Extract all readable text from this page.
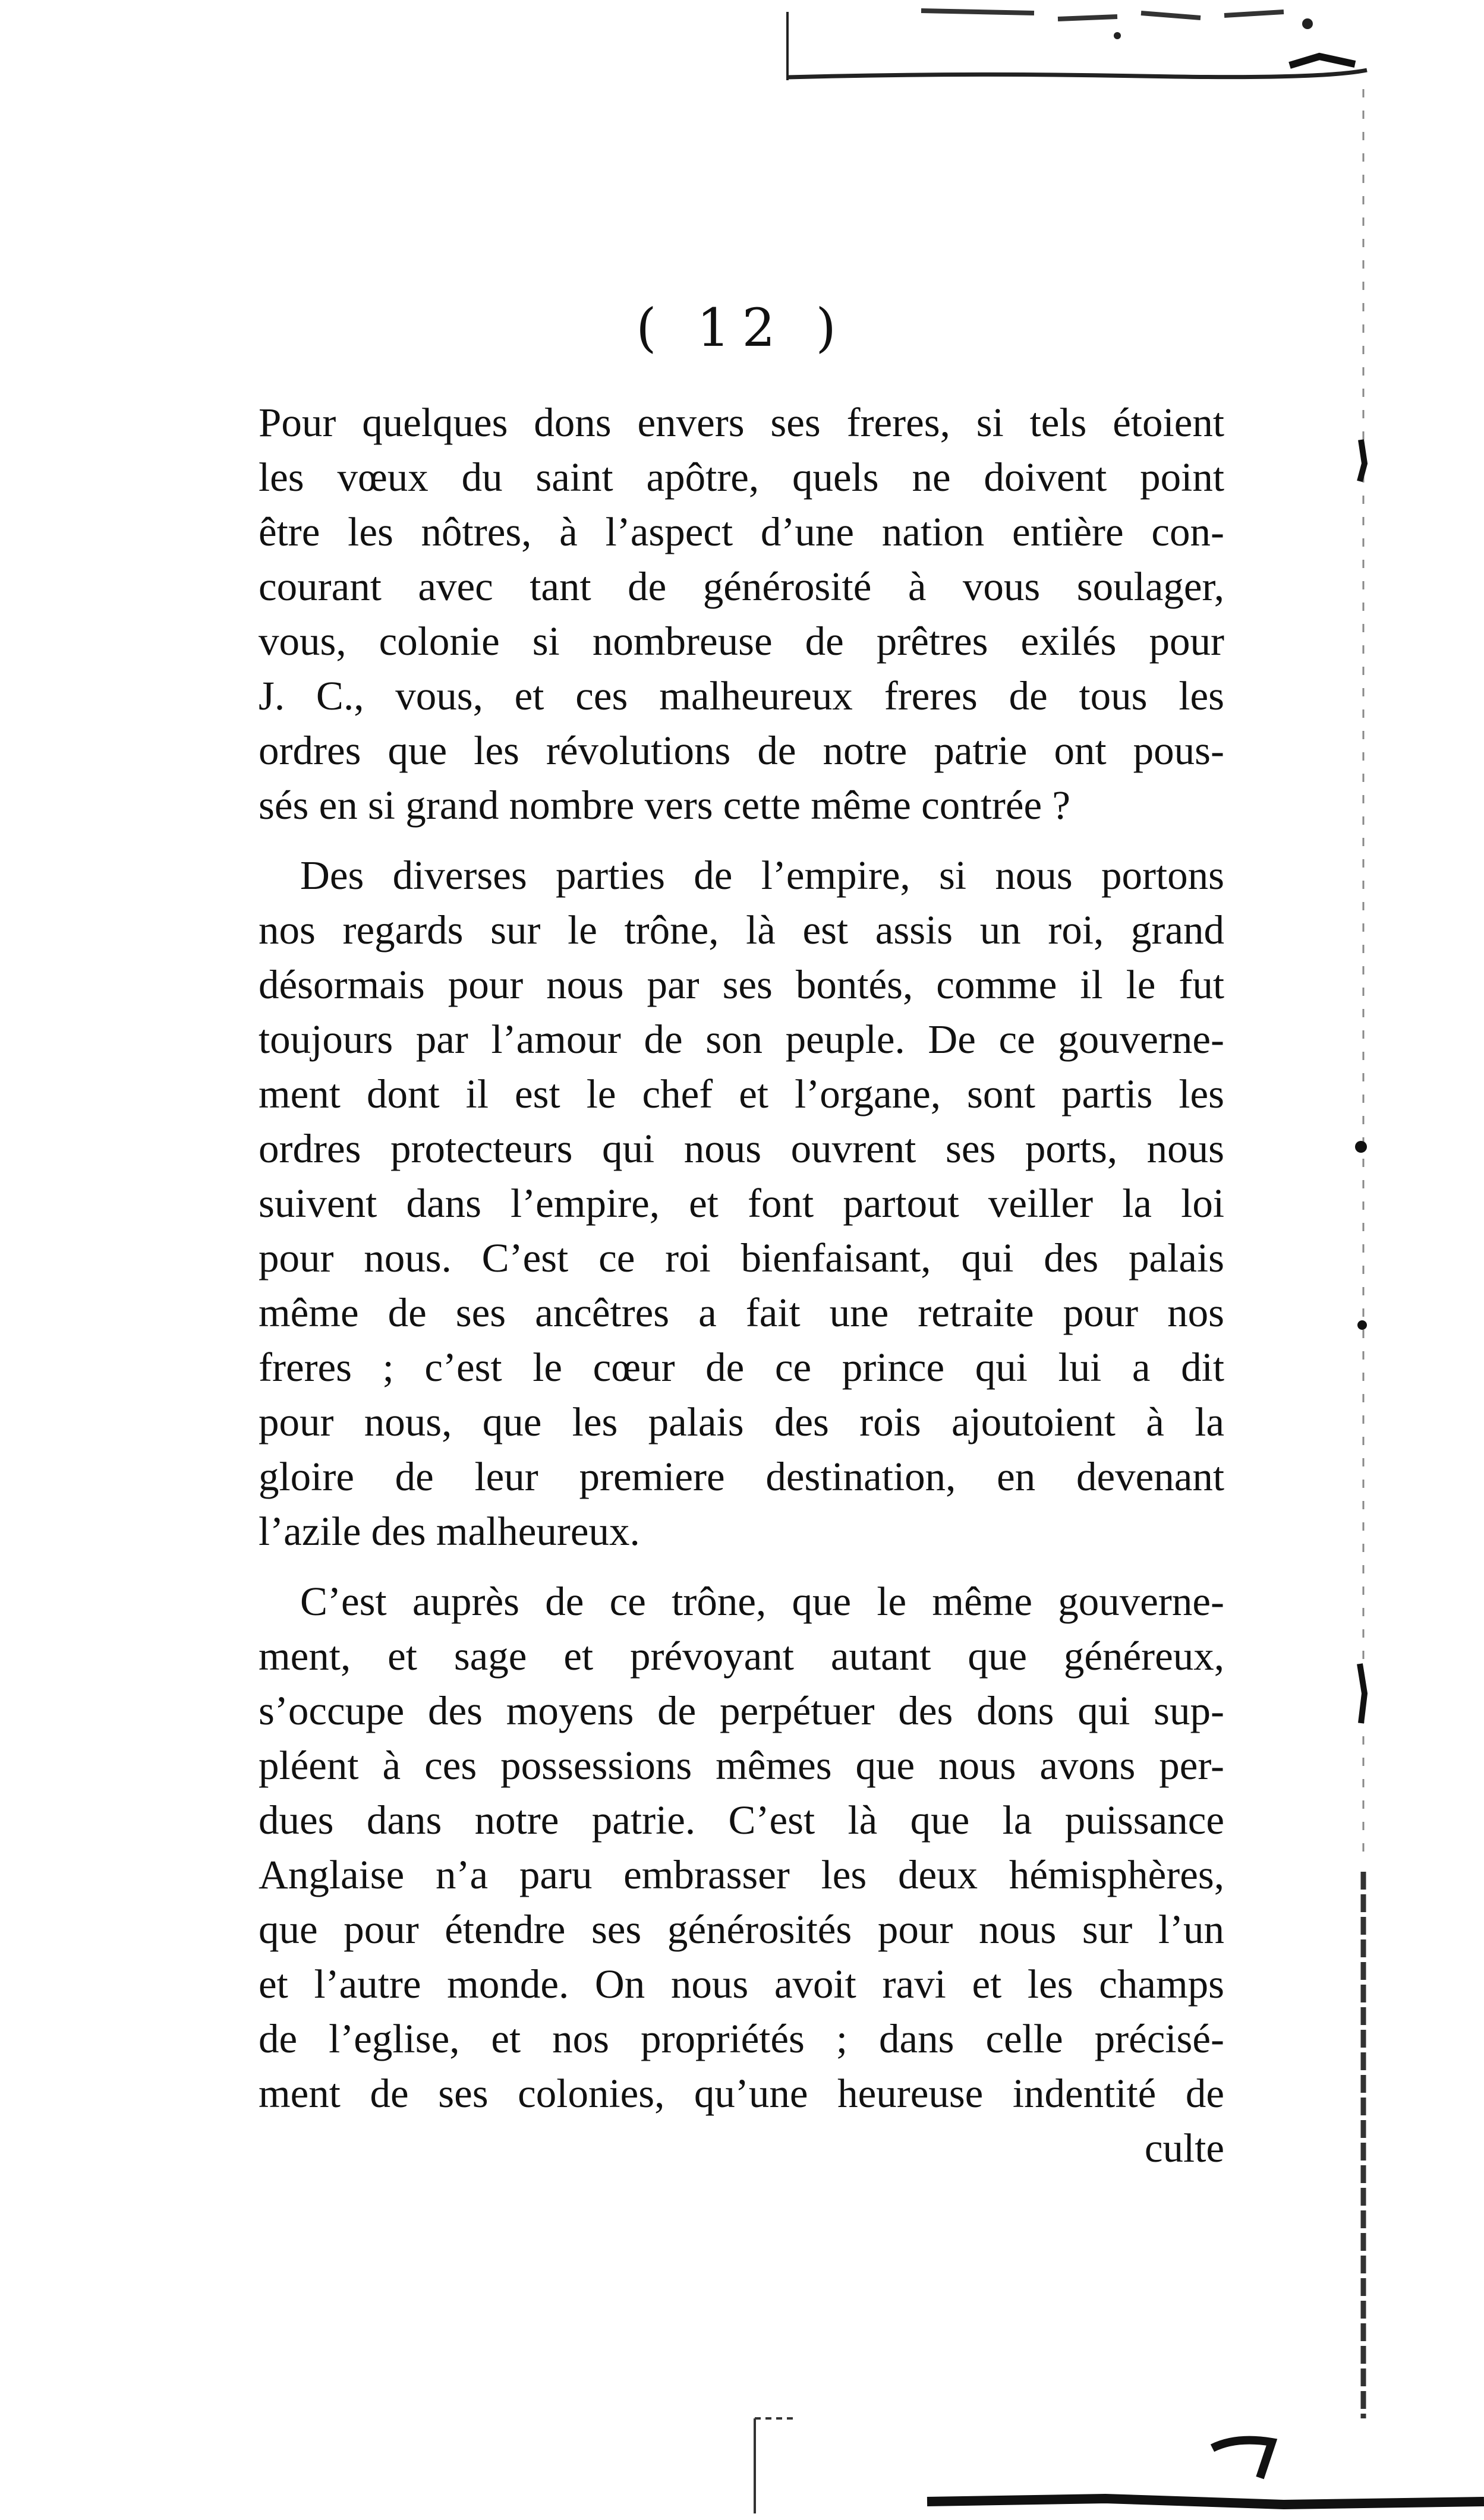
( 12 )
Pour quelques dons envers ses freres, si tels étoient
les vœux du saint apôtre, quels ne doivent point
être les nôtres, à l’aspect d’une nation entière con-
courant avec tant de générosité à vous soulager,
vous, colonie si nombreuse de prêtres exilés pour
J. C., vous, et ces malheureux freres de tous les
ordres que les révolutions de notre patrie ont pous-
sés en si grand nombre vers cette même contrée ?
Des diverses parties de l’empire, si nous portons
nos regards sur le trône, là est assis un roi, grand
désormais pour nous par ses bontés, comme il le fut
toujours par l’amour de son peuple. De ce gouverne-
ment dont il est le chef et l’organe, sont partis les
ordres protecteurs qui nous ouvrent ses ports, nous
suivent dans l’empire, et font partout veiller la loi
pour nous. C’est ce roi bienfaisant, qui des palais
même de ses ancêtres a fait une retraite pour nos
freres ; c’est le cœur de ce prince qui lui a dit
pour nous, que les palais des rois ajoutoient à la
gloire de leur premiere destination, en devenant
l’azile des malheureux.
C’est auprès de ce trône, que le même gouverne-
ment, et sage et prévoyant autant que généreux,
s’occupe des moyens de perpétuer des dons qui sup-
pléent à ces possessions mêmes que nous avons per-
dues dans notre patrie. C’est là que la puissance
Anglaise n’a paru embrasser les deux hémisphères,
que pour étendre ses générosités pour nous sur l’un
et l’autre monde. On nous avoit ravi et les champs
de l’eglise, et nos propriétés ; dans celle précisé-
ment de ses colonies, qu’une heureuse indentité de
culte
